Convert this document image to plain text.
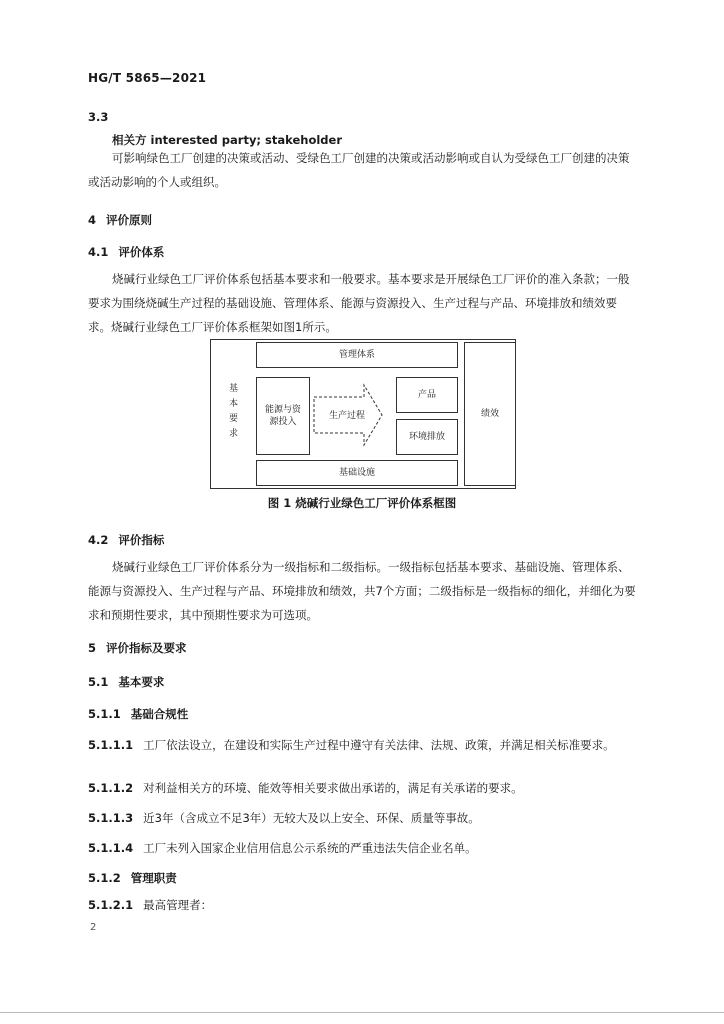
HG/T 5865—2021
3.3
相关方 interested party; stakeholder
可影响绿色工厂创建的决策或活动、受绿色工厂创建的决策或活动影响或自认为受绿色工厂创建的决策或活动影响的个人或组织。
4 评价原则
4.1 评价体系
烧碱行业绿色工厂评价体系包括基本要求和一般要求。基本要求是开展绿色工厂评价的准入条款；一般要求为围绕烧碱生产过程的基础设施、管理体系、能源与资源投入、生产过程与产品、环境排放和绩效要求。烧碱行业绿色工厂评价体系框架如图1所示。
基本要求
管理体系
能源与资源投入
生产过程
产品
环境排放
基础设施
绩效
图 1 烧碱行业绿色工厂评价体系框图
4.2 评价指标
烧碱行业绿色工厂评价体系分为一级指标和二级指标。一级指标包括基本要求、基础设施、管理体系、能源与资源投入、生产过程与产品、环境排放和绩效，共7个方面；二级指标是一级指标的细化，并细化为要求和预期性要求，其中预期性要求为可选项。
5 评价指标及要求
5.1 基本要求
5.1.1 基础合规性
5.1.1.1 工厂依法设立，在建设和实际生产过程中遵守有关法律、法规、政策，并满足相关标准要求。
5.1.1.2 对利益相关方的环境、能效等相关要求做出承诺的，满足有关承诺的要求。
5.1.1.3 近3年（含成立不足3年）无较大及以上安全、环保、质量等事故。
5.1.1.4 工厂未列入国家企业信用信息公示系统的严重违法失信企业名单。
5.1.2 管理职责
5.1.2.1 最高管理者：
2
